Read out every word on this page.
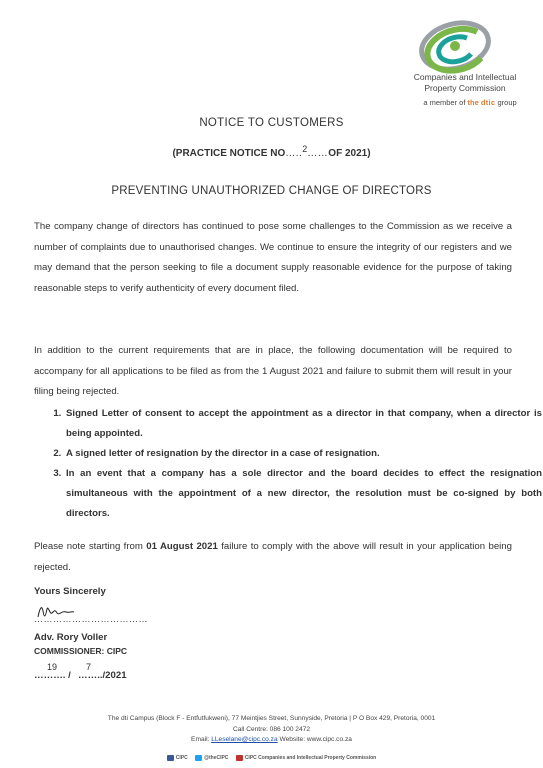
Companies and Intellectual
Property Commission
a member of the dtic group
NOTICE TO CUSTOMERS
(PRACTICE NOTICE NO…..2……OF 2021)
PREVENTING UNAUTHORIZED CHANGE OF DIRECTORS
The company change of directors has continued to pose some challenges to the Commission as we receive a number of complaints due to unauthorised changes. We continue to ensure the integrity of our registers and we may demand that the person seeking to file a document supply reasonable evidence for the purpose of taking reasonable steps to verify authenticity of every document filed.
In addition to the current requirements that are in place, the following documentation will be required to accompany for all applications to be filed as from the 1 August 2021 and failure to submit them will result in your filing being rejected.
1. Signed Letter of consent to accept the appointment as a director in that company, when a director is being appointed.
2. A signed letter of resignation by the director in a case of resignation.
3. In an event that a company has a sole director and the board decides to effect the resignation simultaneous with the appointment of a new director, the resolution must be co-signed by both directors.
Please note starting from 01 August 2021 failure to comply with the above will result in your application being rejected.
Yours Sincerely
………………………………
Adv. Rory Voller
COMMISSIONER: CIPC
………. /
19	7
……../2021
The dti Campus (Block F - Entfutfukweni), 77 Meintjies Street, Sunnyside, Pretoria | P O Box 429, Pretoria, 0001
Call Centre: 086 100 2472
Email: LLeselane@cipc.co.za Website: www.cipc.co.za
CIPC
	@theCIPC
	CIPC Companies and Intellectual Property Commission
